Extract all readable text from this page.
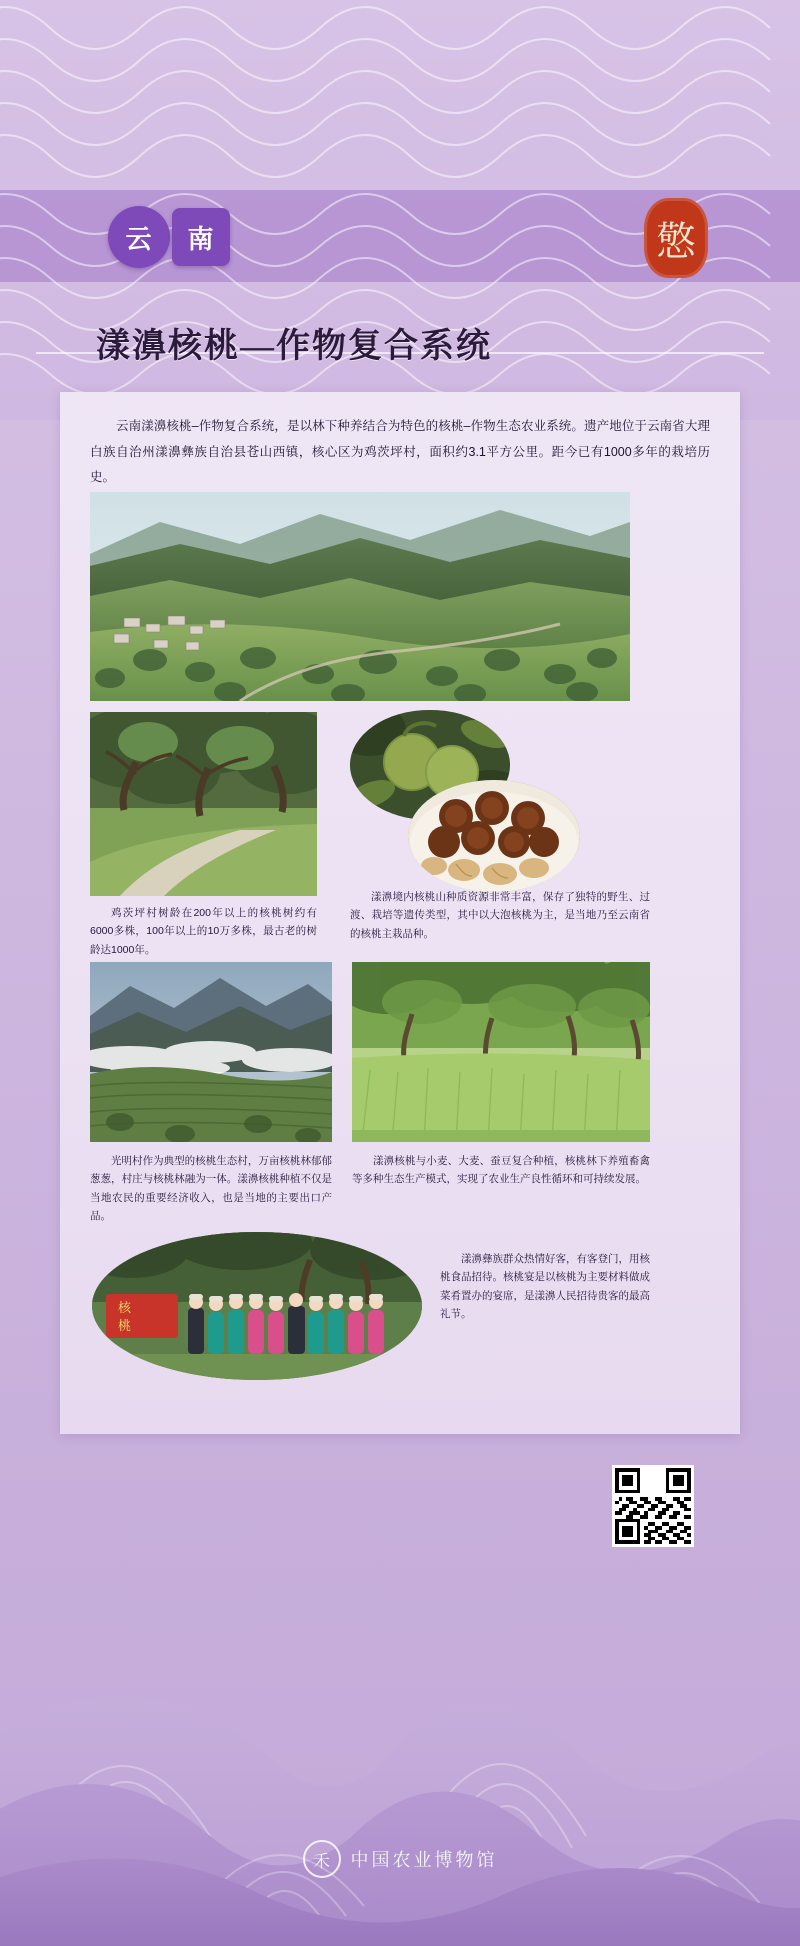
云	南	憼
漾濞核桃—作物复合系统
云南漾濞核桃–作物复合系统，是以林下种养结合为特色的核桃–作物生态农业系统。遗产地位于云南省大理白族自治州漾濞彝族自治县苍山西镇，核心区为鸡茨坪村，面积约3.1平方公里。距今已有1000多年的栽培历史。
鸡茨坪村树龄在200年以上的核桃树约有6000多株，100年以上的10万多株，最古老的树龄达1000年。
漾濞境内核桃山种质资源非常丰富，保存了独特的野生、过渡、栽培等遗传类型，其中以大泡核桃为主，是当地乃至云南省的核桃主栽品种。
光明村作为典型的核桃生态村，万亩核桃林郁郁葱葱，村庄与核桃林融为一体。漾濞核桃种植不仅是当地农民的重要经济收入，也是当地的主要出口产品。
漾濞核桃与小麦、大麦、蚕豆复合种植，核桃林下养殖畜禽等多种生态生产模式，实现了农业生产良性循环和可持续发展。
核
桃
漾濞彝族群众热情好客，有客登门，用核桃食品招待。核桃宴是以核桃为主要材料做成菜肴置办的宴席，是漾濞人民招待贵客的最高礼节。
禾	中国农业博物馆
